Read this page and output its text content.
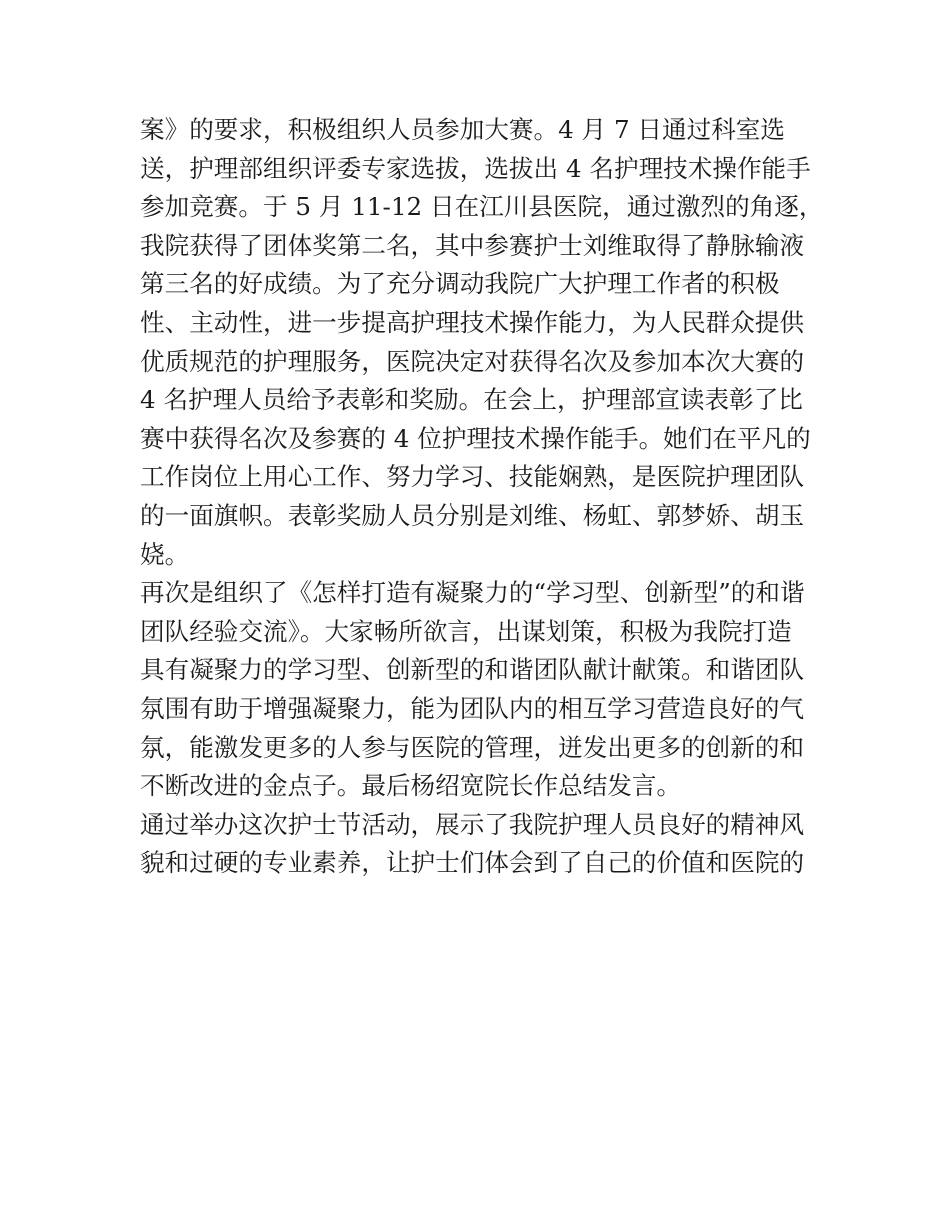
案》的要求，积极组织人员参加大赛。4 月 7 日通过科室选
送，护理部组织评委专家选拔，选拔出 4 名护理技术操作能手
参加竞赛。于 5 月 11-12 日在江川县医院，通过激烈的角逐，
我院获得了团体奖第二名，其中参赛护士刘维取得了静脉输液
第三名的好成绩。为了充分调动我院广大护理工作者的积极
性、主动性，进一步提高护理技术操作能力，为人民群众提供
优质规范的护理服务，医院决定对获得名次及参加本次大赛的
4 名护理人员给予表彰和奖励。在会上，护理部宣读表彰了比
赛中获得名次及参赛的 4 位护理技术操作能手。她们在平凡的
工作岗位上用心工作、努力学习、技能娴熟，是医院护理团队
的一面旗帜。表彰奖励人员分别是刘维、杨虹、郭梦娇、胡玉
娆。

再次是组织了《怎样打造有凝聚力的“学习型、创新型”的和谐
团队经验交流》。大家畅所欲言，出谋划策，积极为我院打造
具有凝聚力的学习型、创新型的和谐团队献计献策。和谐团队
氛围有助于增强凝聚力，能为团队内的相互学习营造良好的气
氛，能激发更多的人参与医院的管理，迸发出更多的创新的和
不断改进的金点子。最后杨绍宽院长作总结发言。

通过举办这次护士节活动，展示了我院护理人员良好的精神风
貌和过硬的专业素养，让护士们体会到了自己的价值和医院的
